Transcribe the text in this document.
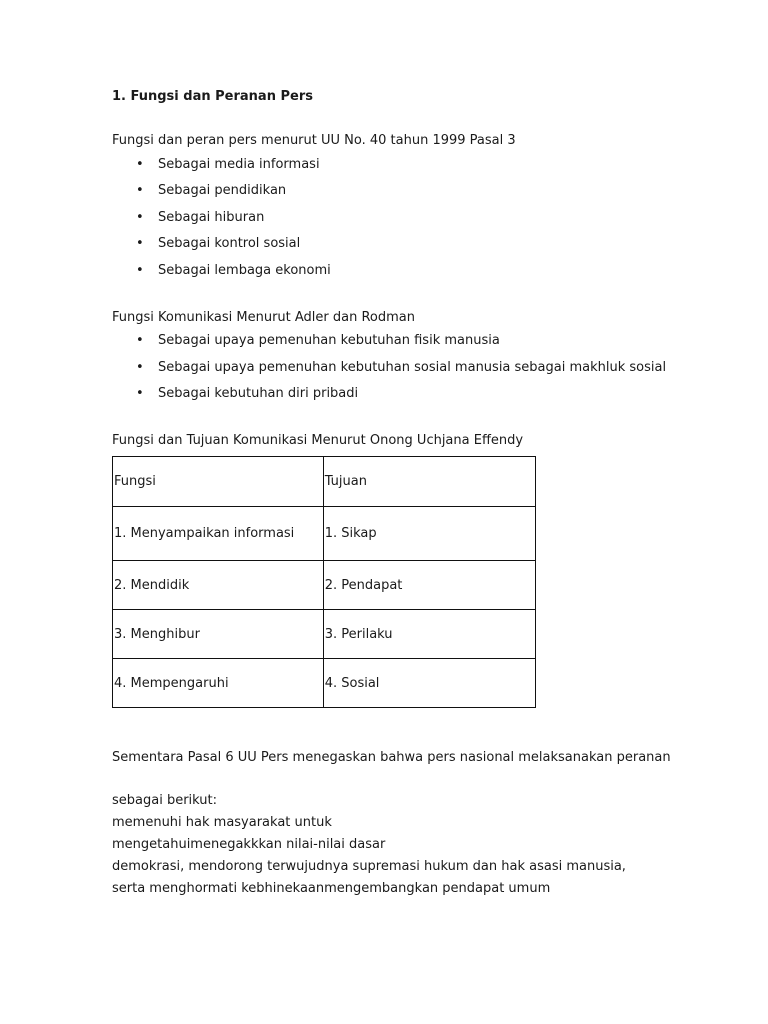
1. Fungsi dan Peranan Pers
Fungsi dan peran pers menurut UU No. 40 tahun 1999 Pasal 3
• Sebagai media informasi
• Sebagai pendidikan
• Sebagai hiburan
• Sebagai kontrol sosial
• Sebagai lembaga ekonomi
Fungsi Komunikasi Menurut Adler dan Rodman
• Sebagai upaya pemenuhan kebutuhan fisik manusia
• Sebagai upaya pemenuhan kebutuhan sosial manusia sebagai makhluk sosial
• Sebagai kebutuhan diri pribadi
Fungsi dan Tujuan Komunikasi Menurut Onong Uchjana Effendy
Fungsi	Tujuan
1. Menyampaikan informasi	1. Sikap
2. Mendidik	2. Pendapat
3. Menghibur	3. Perilaku
4. Mempengaruhi	4. Sosial
Sementara Pasal 6 UU Pers menegaskan bahwa pers nasional melaksanakan peranan
sebagai berikut:
memenuhi hak masyarakat untuk
mengetahuimenegakkkan nilai-nilai dasar
demokrasi, mendorong terwujudnya supremasi hukum dan hak asasi manusia,
serta menghormati kebhinekaanmengembangkan pendapat umum
